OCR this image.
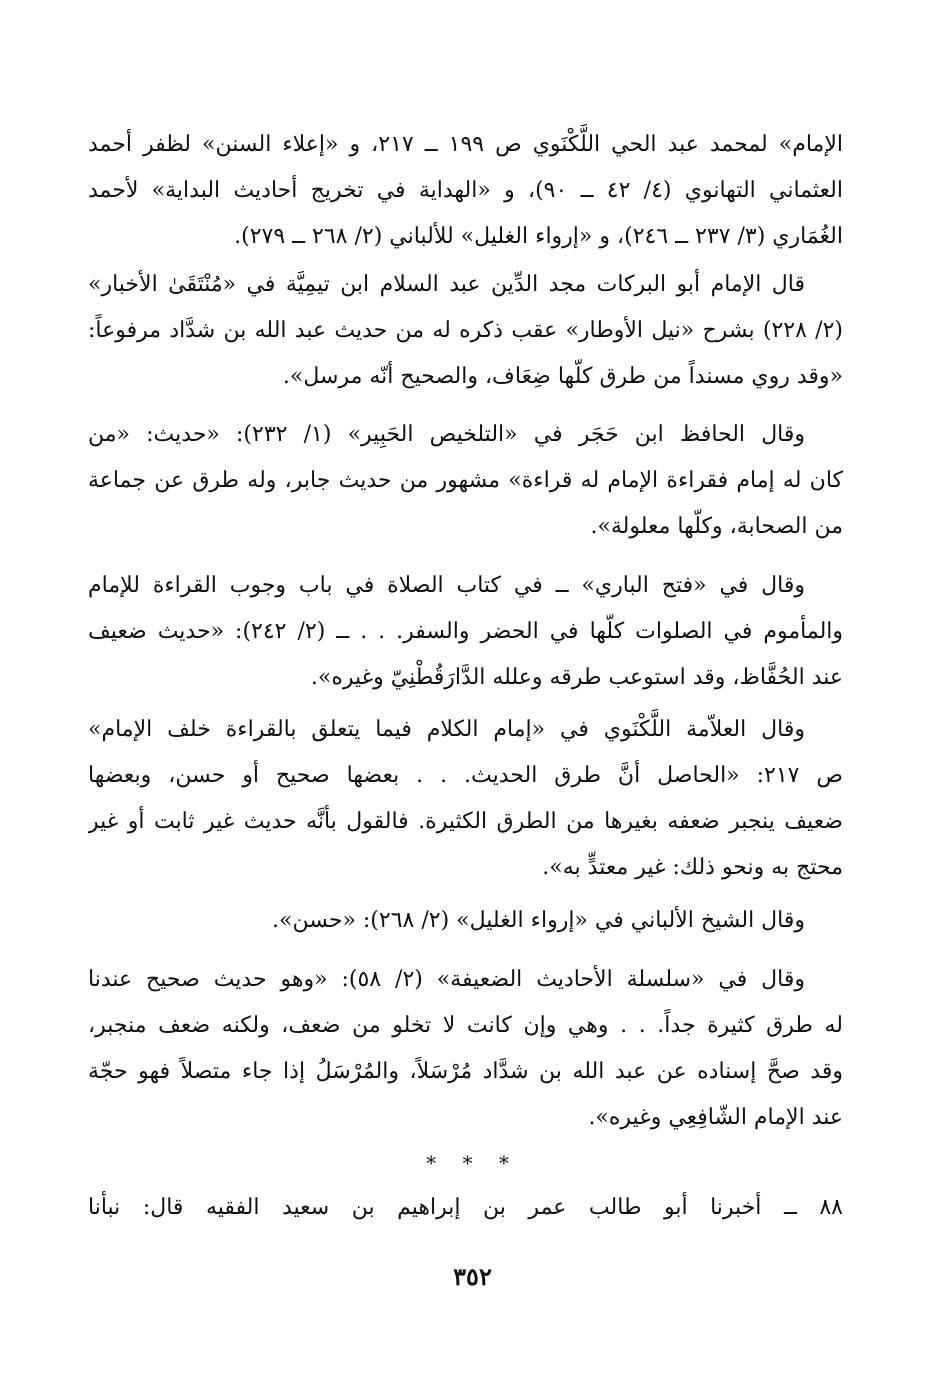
الإمام» لمحمد عبد الحي اللَّكْنَوي ص ١٩٩ ــ ٢١٧، و «إعلاء السنن» لظفر أحمد
العثماني التهانوي (٤/ ٤٢ ــ ٩٠)، و «الهداية في تخريج أحاديث البداية» لأحمد
الغُمَاري (٣/ ٢٣٧ ــ ٢٤٦)، و «إرواء الغليل» للألباني (٢/ ٢٦٨ ــ ٢٧٩).
قال الإمام أبو البركات مجد الدِّين عبد السلام ابن تيمِيَّة في «مُنْتَقَىٰ الأخبار»
(٢/ ٢٢٨) بشرح «نيل الأوطار» عقب ذكره له من حديث عبد الله بن شدَّاد مرفوعاً:
«وقد روي مسنداً من طرق كلّها ضِعَاف، والصحيح أنّه مرسل».
وقال الحافظ ابن حَجَر في «التلخيص الحَبِير» (١/ ٢٣٢): «حديث: «من
كان له إمام فقراءة الإمام له قراءة» مشهور من حديث جابر، وله طرق عن جماعة
من الصحابة، وكلّها معلولة».
وقال في «فتح الباري» ــ في كتاب الصلاة في باب وجوب القراءة للإمام
والمأموم في الصلوات كلّها في الحضر والسفر. . . ــ (٢/ ٢٤٢): «حديث ضعيف
عند الحُفَّاظ، وقد استوعب طرقه وعلله الدَّارَقُطْنِيّ وغيره».
وقال العلاّمة اللَّكْنَوي في «إمام الكلام فيما يتعلق بالقراءة خلف الإمام»
ص ٢١٧: «الحاصل أنَّ طرق الحديث. . . بعضها صحيح أو حسن، وبعضها
ضعيف ينجبر ضعفه بغيرها من الطرق الكثيرة. فالقول بأنَّه حديث غير ثابت أو غير
محتج به ونحو ذلك: غير معتدٍّ به».
وقال الشيخ الألباني في «إرواء الغليل» (٢/ ٢٦٨): «حسن».
وقال في «سلسلة الأحاديث الضعيفة» (٢/ ٥٨): «وهو حديث صحيح عندنا
له طرق كثيرة جداً. . . وهي وإن كانت لا تخلو من ضعف، ولكنه ضعف منجبر،
وقد صحَّ إسناده عن عبد الله بن شدَّاد مُرْسَلاً، والمُرْسَلُ إذا جاء متصلاً فهو حجّة
عند الإمام الشّافِعِي وغيره».
* * *
٨٨ ــ أخبرنا أبو طالب عمر بن إبراهيم بن سعيد الفقيه قال: نبأنا
٣٥٢
